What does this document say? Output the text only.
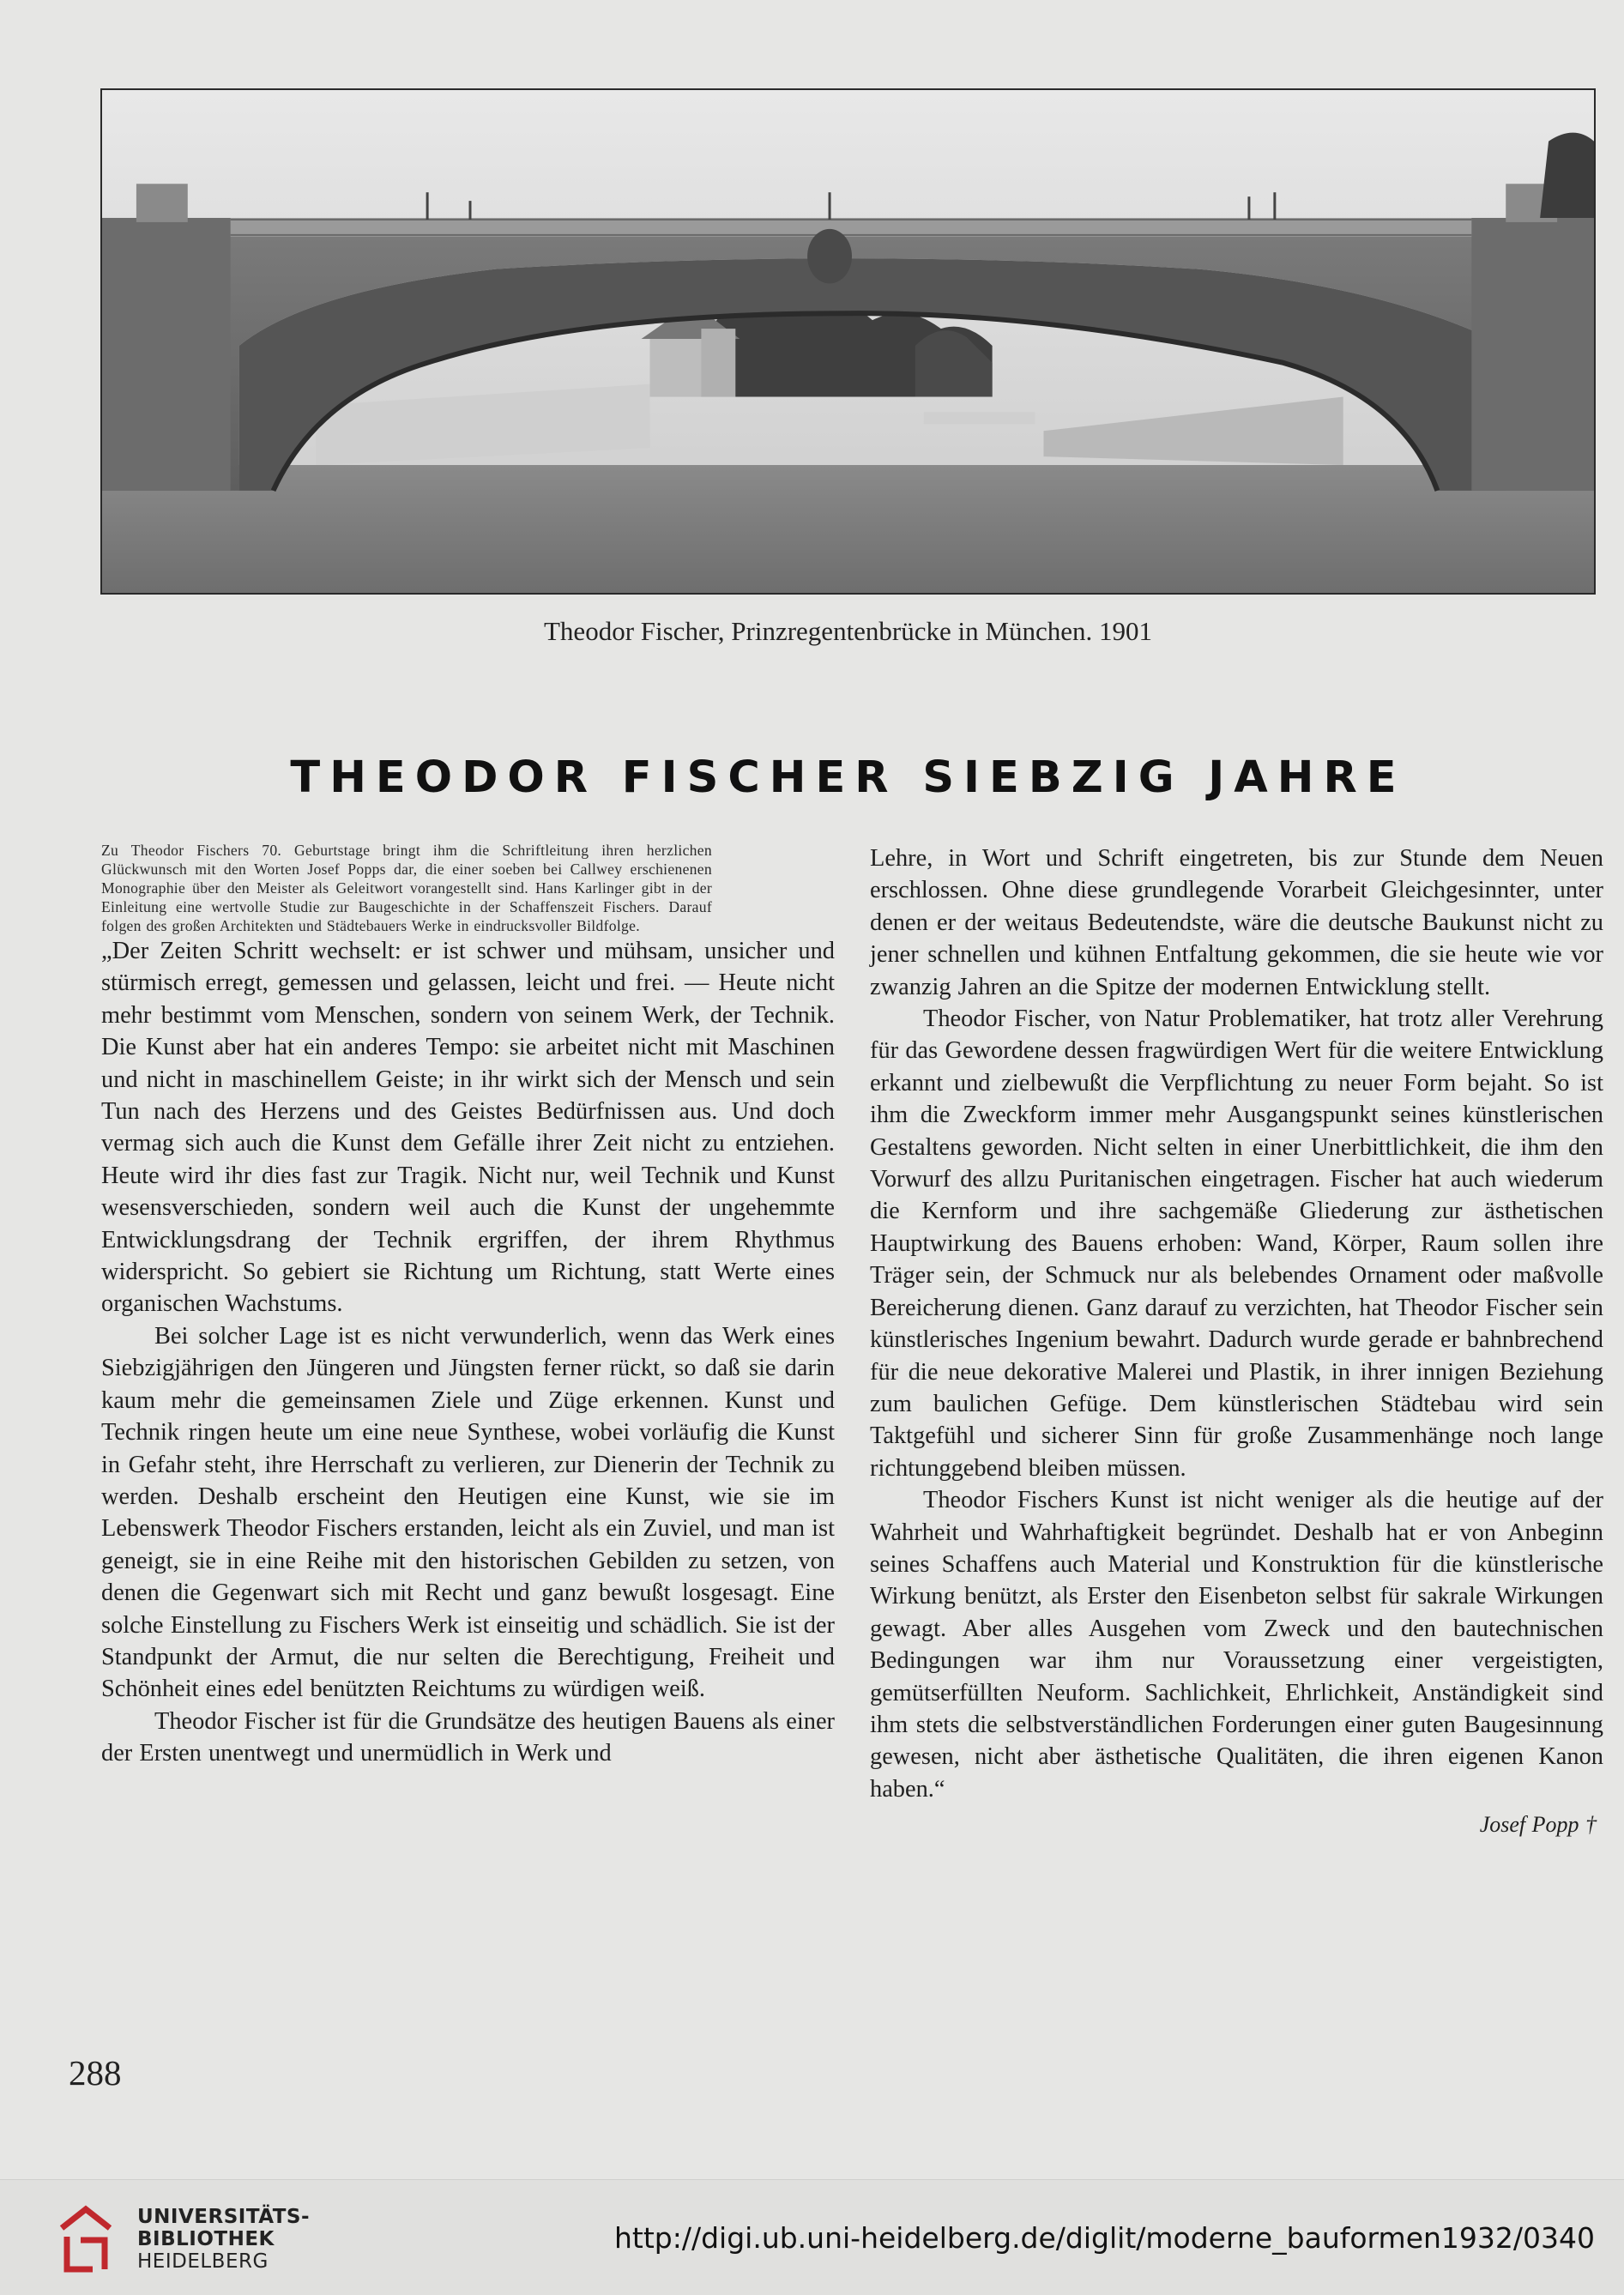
Theodor Fischer, Prinzregentenbrücke in München. 1901
THEODOR FISCHER SIEBZIG JAHRE

Zu Theodor Fischers 70. Geburtstage bringt ihm die Schriftleitung ihren herzlichen Glückwunsch mit den Worten Josef Popps dar, die einer soeben bei Callwey erschienenen Monographie über den Meister als Geleitwort vorangestellt sind. Hans Karlinger gibt in der Einleitung eine wertvolle Studie zur Baugeschichte in der Schaffenszeit Fischers. Darauf folgen des großen Architekten und Städtebauers Werke in eindrucksvoller Bildfolge.

„Der Zeiten Schritt wechselt: er ist schwer und mühsam, unsicher und stürmisch erregt, gemessen und gelassen, leicht und frei. — Heute nicht mehr bestimmt vom Menschen, sondern von seinem Werk, der Technik. Die Kunst aber hat ein anderes Tempo: sie arbeitet nicht mit Maschinen und nicht in maschinellem Geiste; in ihr wirkt sich der Mensch und sein Tun nach des Herzens und des Geistes Bedürfnissen aus. Und doch vermag sich auch die Kunst dem Gefälle ihrer Zeit nicht zu entziehen. Heute wird ihr dies fast zur Tragik. Nicht nur, weil Technik und Kunst wesensverschieden, sondern weil auch die Kunst der ungehemmte Entwicklungsdrang der Technik ergriffen, der ihrem Rhythmus widerspricht. So gebiert sie Richtung um Richtung, statt Werte eines organischen Wachstums.

Bei solcher Lage ist es nicht verwunderlich, wenn das Werk eines Siebzigjährigen den Jüngeren und Jüngsten ferner rückt, so daß sie darin kaum mehr die gemeinsamen Ziele und Züge erkennen. Kunst und Technik ringen heute um eine neue Synthese, wobei vorläufig die Kunst in Gefahr steht, ihre Herrschaft zu verlieren, zur Dienerin der Technik zu werden. Deshalb erscheint den Heutigen eine Kunst, wie sie im Lebenswerk Theodor Fischers erstanden, leicht als ein Zuviel, und man ist geneigt, sie in eine Reihe mit den historischen Gebilden zu setzen, von denen die Gegenwart sich mit Recht und ganz bewußt losgesagt. Eine solche Einstellung zu Fischers Werk ist einseitig und schädlich. Sie ist der Standpunkt der Armut, die nur selten die Berechtigung, Freiheit und Schönheit eines edel benützten Reichtums zu würdigen weiß.

Theodor Fischer ist für die Grundsätze des heutigen Bauens als einer der Ersten unentwegt und unermüdlich in Werk und

Lehre, in Wort und Schrift eingetreten, bis zur Stunde dem Neuen erschlossen. Ohne diese grundlegende Vorarbeit Gleichgesinnter, unter denen er der weitaus Bedeutendste, wäre die deutsche Baukunst nicht zu jener schnellen und kühnen Entfaltung gekommen, die sie heute wie vor zwanzig Jahren an die Spitze der modernen Entwicklung stellt.

Theodor Fischer, von Natur Problematiker, hat trotz aller Verehrung für das Gewordene dessen fragwürdigen Wert für die weitere Entwicklung erkannt und zielbewußt die Verpflichtung zu neuer Form bejaht. So ist ihm die Zweckform immer mehr Ausgangspunkt seines künstlerischen Gestaltens geworden. Nicht selten in einer Unerbittlichkeit, die ihm den Vorwurf des allzu Puritanischen eingetragen. Fischer hat auch wiederum die Kernform und ihre sachgemäße Gliederung zur ästhetischen Hauptwirkung des Bauens erhoben: Wand, Körper, Raum sollen ihre Träger sein, der Schmuck nur als belebendes Ornament oder maßvolle Bereicherung dienen. Ganz darauf zu verzichten, hat Theodor Fischer sein künstlerisches Ingenium bewahrt. Dadurch wurde gerade er bahnbrechend für die neue dekorative Malerei und Plastik, in ihrer innigen Beziehung zum baulichen Gefüge. Dem künstlerischen Städtebau wird sein Taktgefühl und sicherer Sinn für große Zusammenhänge noch lange richtunggebend bleiben müssen.

Theodor Fischers Kunst ist nicht weniger als die heutige auf der Wahrheit und Wahrhaftigkeit begründet. Deshalb hat er von Anbeginn seines Schaffens auch Material und Konstruktion für die künstlerische Wirkung benützt, als Erster den Eisenbeton selbst für sakrale Wirkungen gewagt. Aber alles Ausgehen vom Zweck und den bautechnischen Bedingungen war ihm nur Voraussetzung einer vergeistigten, gemütserfüllten Neuform. Sachlichkeit, Ehrlichkeit, Anständigkeit sind ihm stets die selbstverständlichen Forderungen einer guten Baugesinnung gewesen, nicht aber ästhetische Qualitäten, die ihren eigenen Kanon haben.“

Josef Popp †
288
UNIVERSITÄTS-
BIBLIOTHEK
HEIDELBERG
http://digi.ub.uni-heidelberg.de/diglit/moderne_bauformen1932/0340
